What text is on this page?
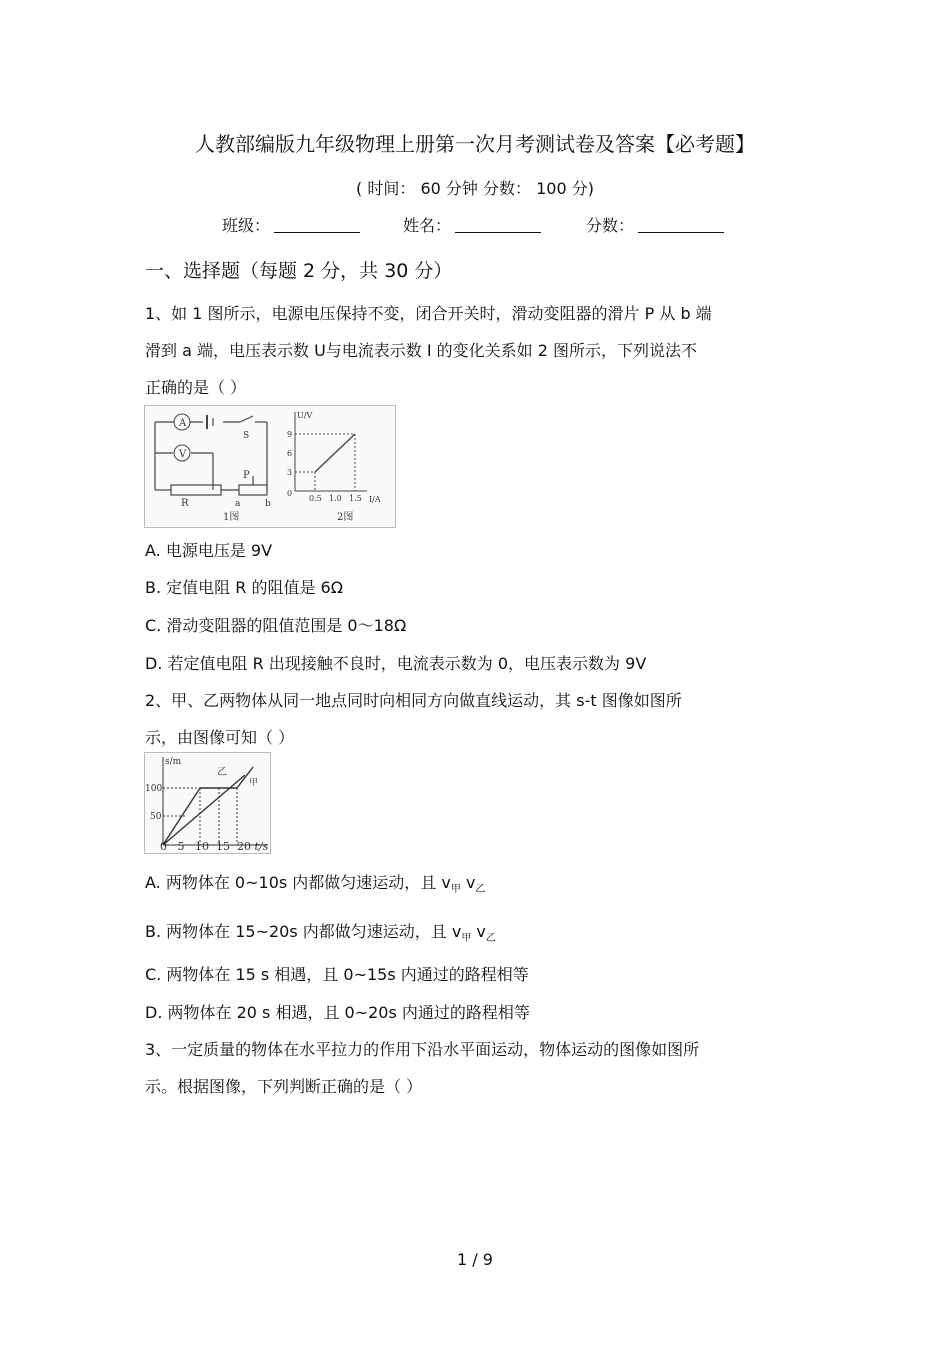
人教部编版九年级物理上册第一次月考测试卷及答案【必考题】
( 时间： 60 分钟 分数： 100 分)
班级：	姓名：	分数：
一、选择题（每题 2 分，共 30 分）
1、如 1 图所示，电源电压保持不变，闭合开关时，滑动变阻器的滑片 P 从 b 端
滑到 a 端，电压表示数 U与电流表示数 I 的变化关系如 2 图所示，下列说法不
正确的是（ ）
A
V
S
R
P
a	b
1图
U/V
I/A
9
6
3
0
0.5 1.0 1.5
2图
A. 电源电压是 9V
B. 定值电阻 R 的阻值是 6Ω
C. 滑动变阻器的阻值范围是 0～18Ω
D. 若定值电阻 R 出现接触不良时，电流表示数为 0，电压表示数为 9V
2、甲、乙两物体从同一地点同时向相同方向做直线运动，其 s-t 图像如图所
示，由图像可知（ ）
s/m
100
50
乙
甲
0 5 10 15 20 t/s
A. 两物体在 0~10s 内都做匀速运动，且 $v_甲$ $v_乙$
B. 两物体在 15~20s 内都做匀速运动，且 $v_甲$ $v_乙$
C. 两物体在 15 s 相遇，且 0~15s 内通过的路程相等
D. 两物体在 20 s 相遇，且 0~20s 内通过的路程相等
3、一定质量的物体在水平拉力的作用下沿水平面运动，物体运动的图像如图所
示。根据图像，下列判断正确的是（ ）
1 / 9
